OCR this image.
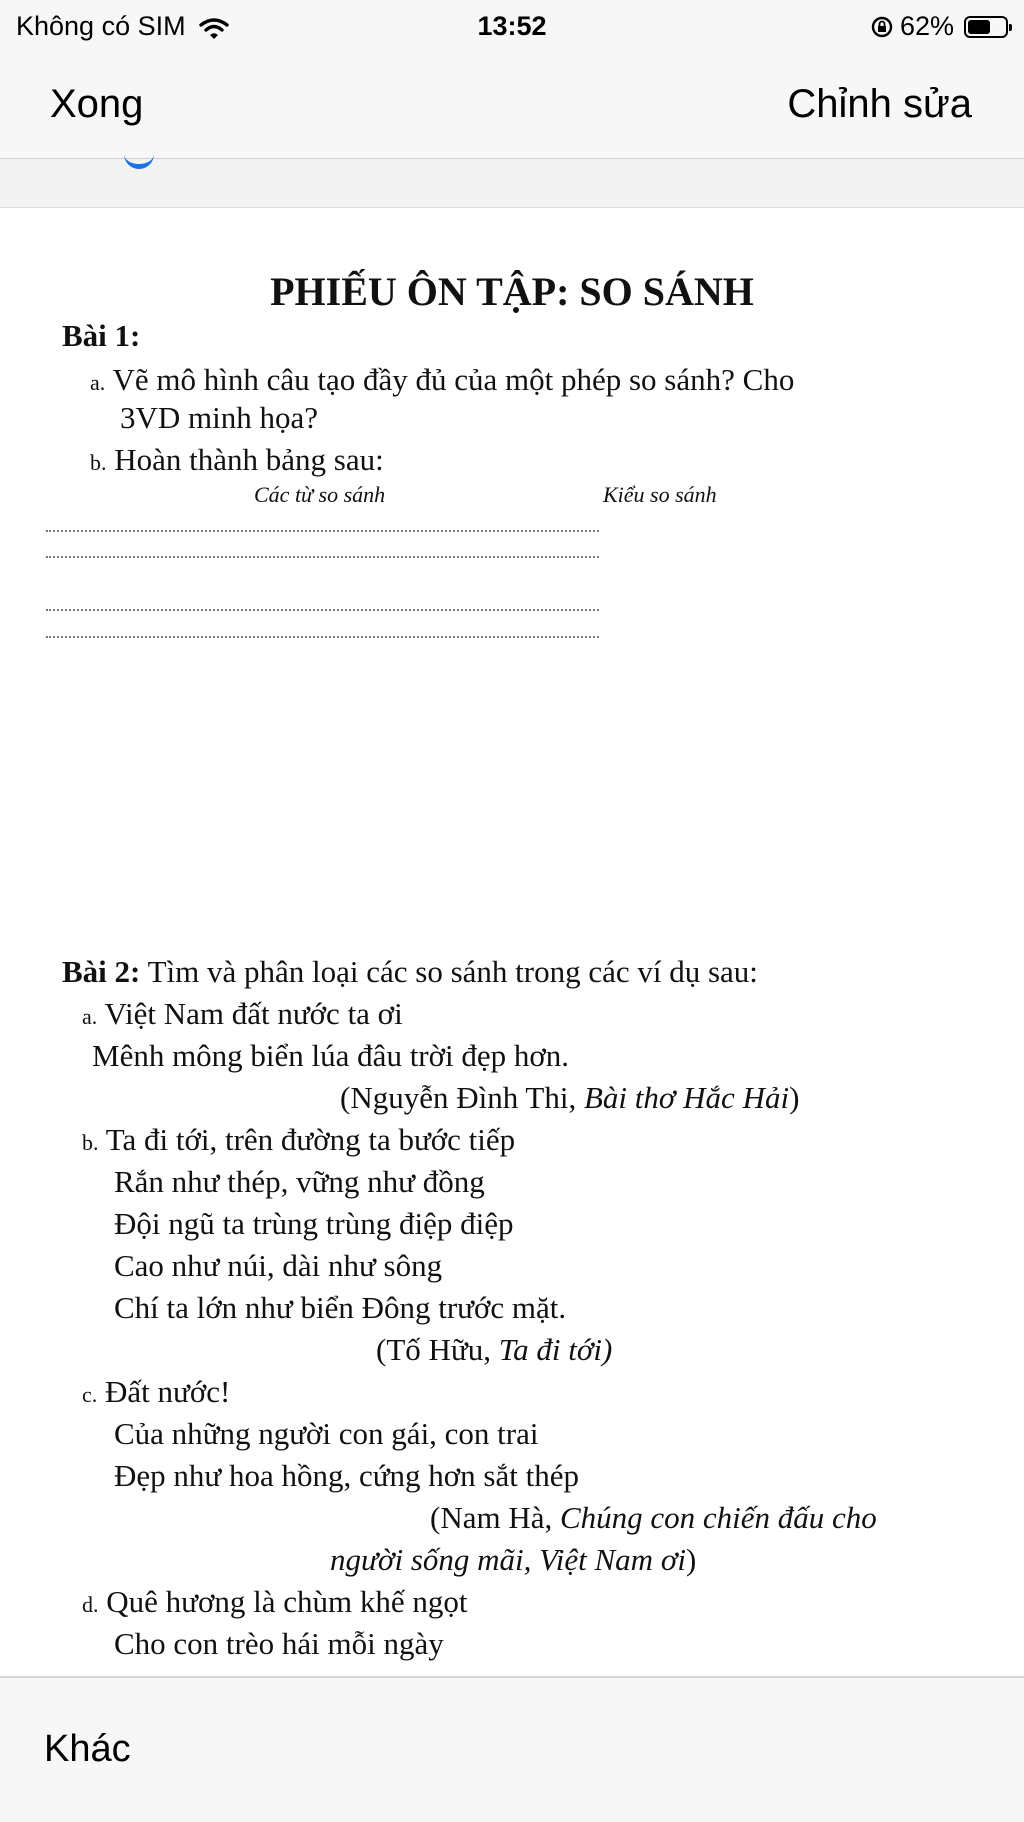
Không có SIM	13:52	62%
Xong	Chỉnh sửa
PHIẾU ÔN TẬP: SO SÁNH
Bài 1:
a. Vẽ mô hình câu tạo đầy đủ của một phép so sánh? Cho
3VD minh họa?
b. Hoàn thành bảng sau:
Các từ so sánh	Kiểu so sánh
Bài 2: Tìm và phân loại các so sánh trong các ví dụ sau:
a. Việt Nam đất nước ta ơi
Mênh mông biển lúa đâu trời đẹp hơn.
(Nguyễn Đình Thi, Bài thơ Hắc Hải)
b. Ta đi tới, trên đường ta bước tiếp
Rắn như thép, vững như đồng
Đội ngũ ta trùng trùng điệp điệp
Cao như núi, dài như sông
Chí ta lớn như biển Đông trước mặt.
(Tố Hữu, Ta đi tới)
c. Đất nước!
Của những người con gái, con trai
Đẹp như hoa hồng, cứng hơn sắt thép
(Nam Hà, Chúng con chiến đấu cho
người sống mãi, Việt Nam ơi)
d. Quê hương là chùm khế ngọt
Cho con trèo hái mỗi ngày
Khác
